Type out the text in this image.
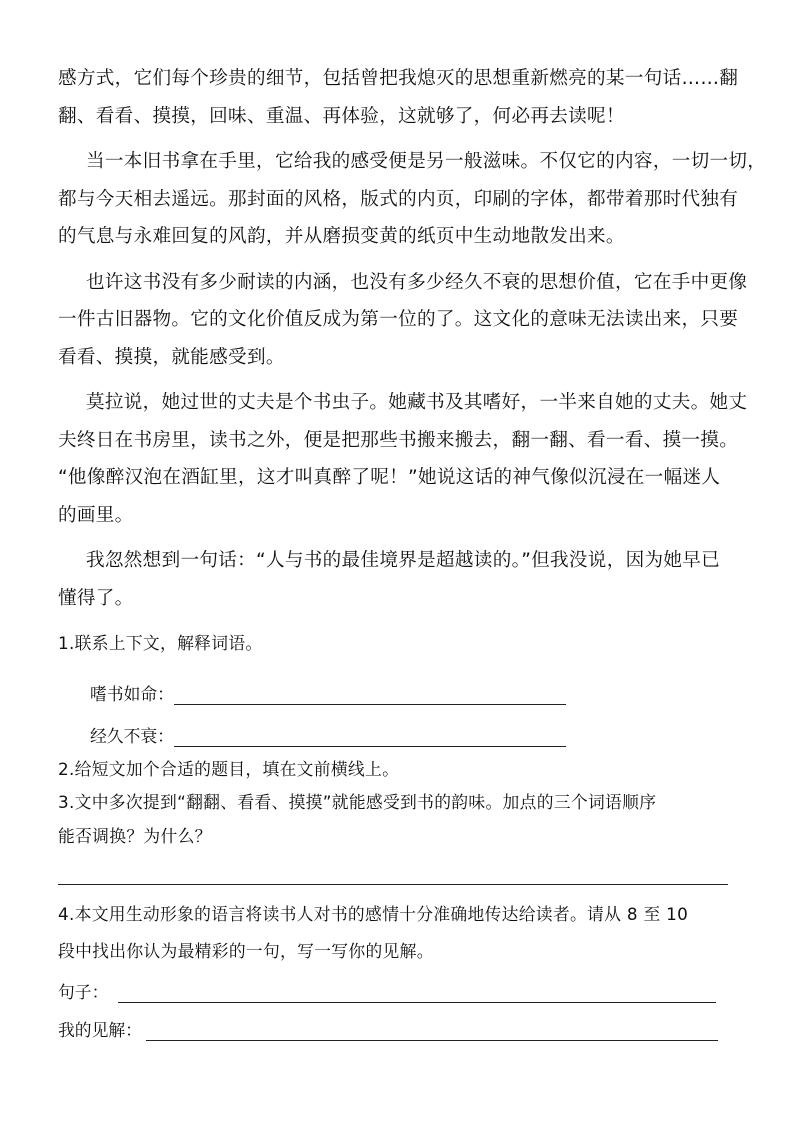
感方式，它们每个珍贵的细节，包括曾把我熄灭的思想重新燃亮的某一句话……翻
翻、看看、摸摸，回味、重温、再体验，这就够了，何必再去读呢！
当一本旧书拿在手里，它给我的感受便是另一般滋味。不仅它的内容，一切一切，
都与今天相去遥远。那封面的风格，版式的内页，印刷的字体，都带着那时代独有
的气息与永难回复的风韵，并从磨损变黄的纸页中生动地散发出来。
也许这书没有多少耐读的内涵，也没有多少经久不衰的思想价值，它在手中更像
一件古旧器物。它的文化价值反成为第一位的了。这文化的意味无法读出来，只要
看看、摸摸，就能感受到。
莫拉说，她过世的丈夫是个书虫子。她藏书及其嗜好，一半来自她的丈夫。她丈
夫终日在书房里，读书之外，便是把那些书搬来搬去，翻一翻、看一看、摸一摸。
“他像醉汉泡在酒缸里，这才叫真醉了呢！”她说这话的神气像似沉浸在一幅迷人
的画里。
我忽然想到一句话：“人与书的最佳境界是超越读的。”但我没说，因为她早已
懂得了。
1.联系上下文，解释词语。
嗜书如命：
经久不衰：
2.给短文加个合适的题目，填在文前横线上。
3.文中多次提到“翻翻、看看、摸摸”就能感受到书的韵味。加点的三个词语顺序
能否调换？为什么？
4.本文用生动形象的语言将读书人对书的感情十分准确地传达给读者。请从 8 至 10
段中找出你认为最精彩的一句，写一写你的见解。
句子：
我的见解：
